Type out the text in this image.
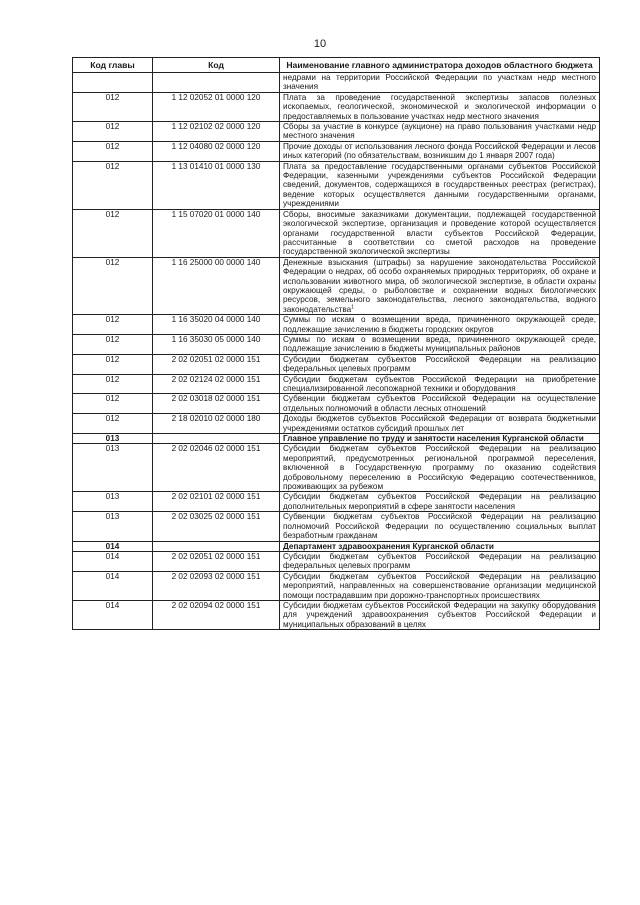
10
Код главы	Код	Наименование главного администратора доходов областного бюджета
		недрами на территории Российской Федерации по участкам недр местного значения
012	1 12 02052 01 0000 120	Плата за проведение государственной экспертизы запасов полезных ископаемых, геологической, экономической и экологической информации о предоставляемых в пользование участках недр местного значения
012	1 12 02102 02 0000 120	Сборы за участие в конкурсе (аукционе) на право пользования участками недр местного значения
012	1 12 04080 02 0000 120	Прочие доходы от использования лесного фонда Российской Федерации и лесов иных категорий (по обязательствам, возникшим до 1 января 2007 года)
012	1 13 01410 01 0000 130	Плата за предоставление государственными органами субъектов Российской Федерации, казенными учреждениями субъектов Российской Федерации сведений, документов, содержащихся в государственных реестрах (регистрах), ведение которых осуществляется данными государственными органами, учреждениями
012	1 15 07020 01 0000 140	Сборы, вносимые заказчиками документации, подлежащей государственной экологической экспертизе, организация и проведение которой осуществляется органами государственной власти субъектов Российской Федерации, рассчитанные в соответствии со сметой расходов на проведение государственной экологической экспертизы
012	1 16 25000 00 0000 140	Денежные взыскания (штрафы) за нарушение законодательства Российской Федерации о недрах, об особо охраняемых природных территориях, об охране и использовании животного мира, об экологической экспертизе, в области охраны окружающей среды, о рыболовстве и сохранении водных биологических ресурсов, земельного законодательства, лесного законодательства, водного законодательства$^1$
012	1 16 35020 04 0000 140	Суммы по искам о возмещении вреда, причиненного окружающей среде, подлежащие зачислению в бюджеты городских округов
012	1 16 35030 05 0000 140	Суммы по искам о возмещении вреда, причиненного окружающей среде, подлежащие зачислению в бюджеты муниципальных районов
012	2 02 02051 02 0000 151	Субсидии бюджетам субъектов Российской Федерации на реализацию федеральных целевых программ
012	2 02 02124 02 0000 151	Субсидии бюджетам субъектов Российской Федерации на приобретение специализированной лесопожарной техники и оборудования
012	2 02 03018 02 0000 151	Субвенции бюджетам субъектов Российской Федерации на осуществление отдельных полномочий в области лесных отношений
012	2 18 02010 02 0000 180	Доходы бюджетов субъектов Российской Федерации от возврата бюджетными учреждениями остатков субсидий прошлых лет
013		Главное управление по труду и занятости населения Курганской области
013	2 02 02046 02 0000 151	Субсидии бюджетам субъектов Российской Федерации на реализацию мероприятий, предусмотренных региональной программой переселения, включенной в Государственную программу по оказанию содействия добровольному переселению в Российскую Федерацию соотечественников, проживающих за рубежом
013	2 02 02101 02 0000 151	Субсидии бюджетам субъектов Российской Федерации на реализацию дополнительных мероприятий в сфере занятости населения
013	2 02 03025 02 0000 151	Субвенции бюджетам субъектов Российской Федерации на реализацию полномочий Российской Федерации по осуществлению социальных выплат безработным гражданам
014		Департамент здравоохранения Курганской области
014	2 02 02051 02 0000 151	Субсидии бюджетам субъектов Российской Федерации на реализацию федеральных целевых программ
014	2 02 02093 02 0000 151	Субсидии бюджетам субъектов Российской Федерации на реализацию мероприятий, направленных на совершенствование организации медицинской помощи пострадавшим при дорожно-транспортных происшествиях
014	2 02 02094 02 0000 151	Субсидии бюджетам субъектов Российской Федерации на закупку оборудования для учреждений здравоохранения субъектов Российской Федерации и муниципальных образований в целях
